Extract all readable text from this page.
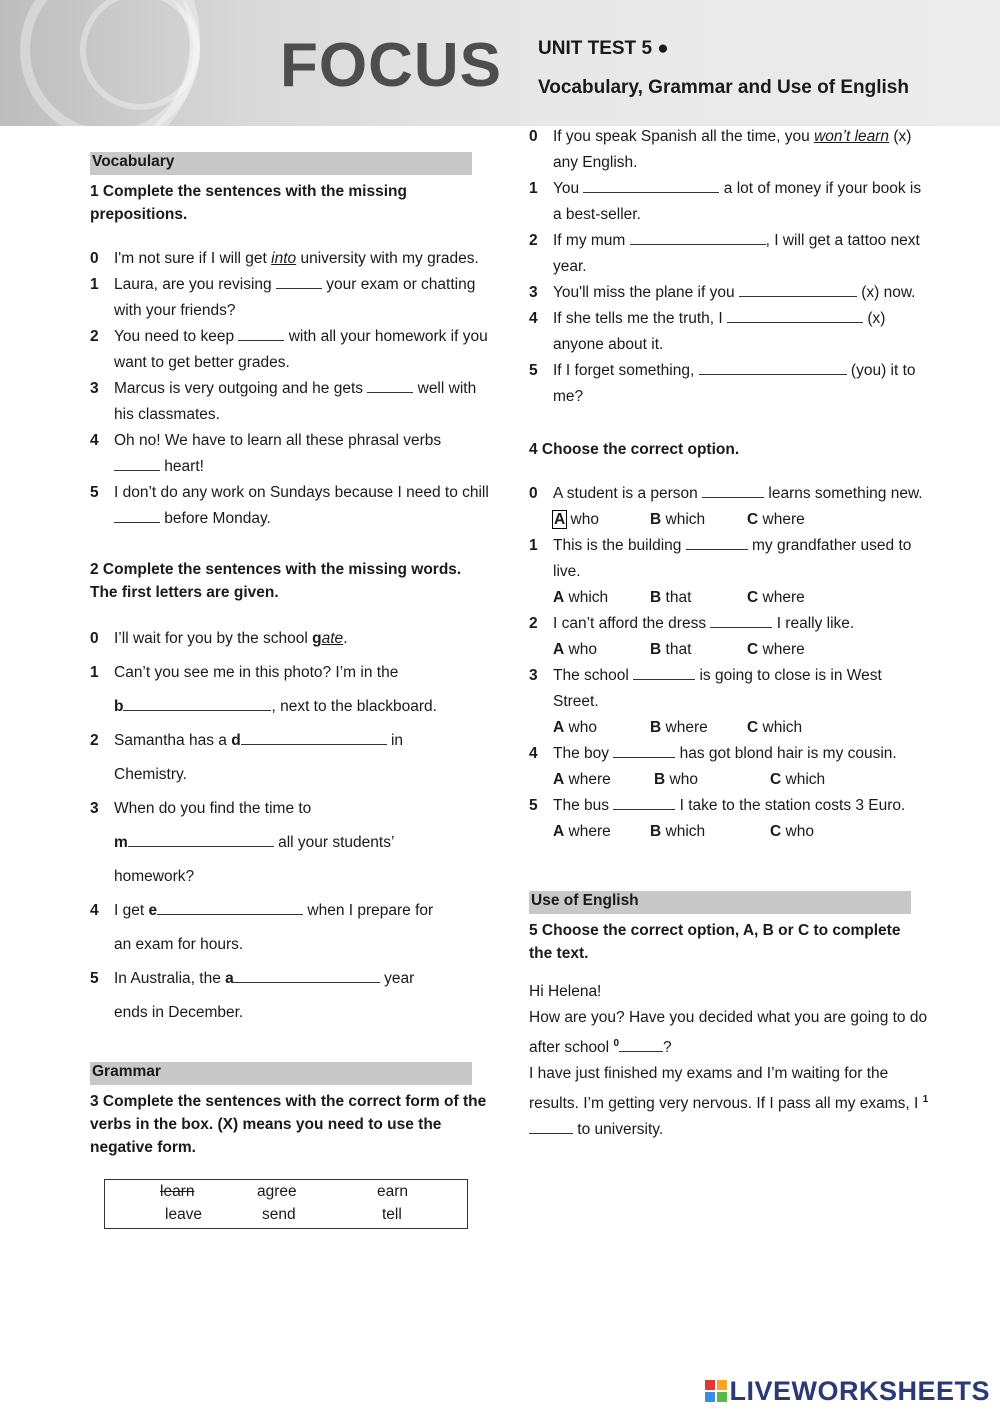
FOCUS UNIT TEST 5 ●
Vocabulary, Grammar and Use of English
Vocabulary
1 Complete the sentences with the missing prepositions.
0 I'm not sure if I will get into university with my grades.
1 Laura, are you revising	your exam or chatting with your friends?
2 You need to keep	with all your homework if you want to get better grades.
3 Marcus is very outgoing and he gets	well with his classmates.
4 Oh no! We have to learn all these phrasal verbs  heart!
5 I don’t do any work on Sundays because I need to chill  before Monday.
2 Complete the sentences with the missing words. The first letters are given.
0 I’ll wait for you by the school gate.
1 Can’t you see me in this photo? I’m in the
b	, next to the blackboard.
2 Samantha has a d	in
Chemistry.
3 When do you find the time to
m	all your students’
homework?
4 I get e	when I prepare for
an exam for hours.
5 In Australia, the a	year
ends in December.
Grammar
3 Complete the sentences with the correct form of the verbs in the box. (X) means you need to use the negative form.
learn	agree	earn
leave	send	tell
0 If you speak Spanish all the time, you won’t learn (x) any English.
1 You	a lot of money if your book is a best-seller.
2 If my mum	, I will get a tattoo next year.
3 You'll miss the plane if you	(x) now.
4 If she tells me the truth, I	(x) anyone about it.
5 If I forget something,	(you) it to me?
4 Choose the correct option.
0 A student is a person	learns something new.
A who	B which	C where
1 This is the building	my grandfather used to live.
A which	B that	C where
2 I can’t afford the dress	I really like.
A who	B that	C where
3 The school	is going to close is in West Street.
A who	B where	C which
4 The boy	has got blond hair is my cousin.
A where	B who	C which
5 The bus	I take to the station costs 3 Euro.
A where	B which	C who
Use of English
5 Choose the correct option, A, B or C to complete the text.
Hi Helena!
How are you? Have you decided what you are going to do after school $^0$	?
I have just finished my exams and I’m waiting for the results. I’m getting very nervous. If I pass all my exams, I $^1$ to university.
LIVEWORKSHEETS
